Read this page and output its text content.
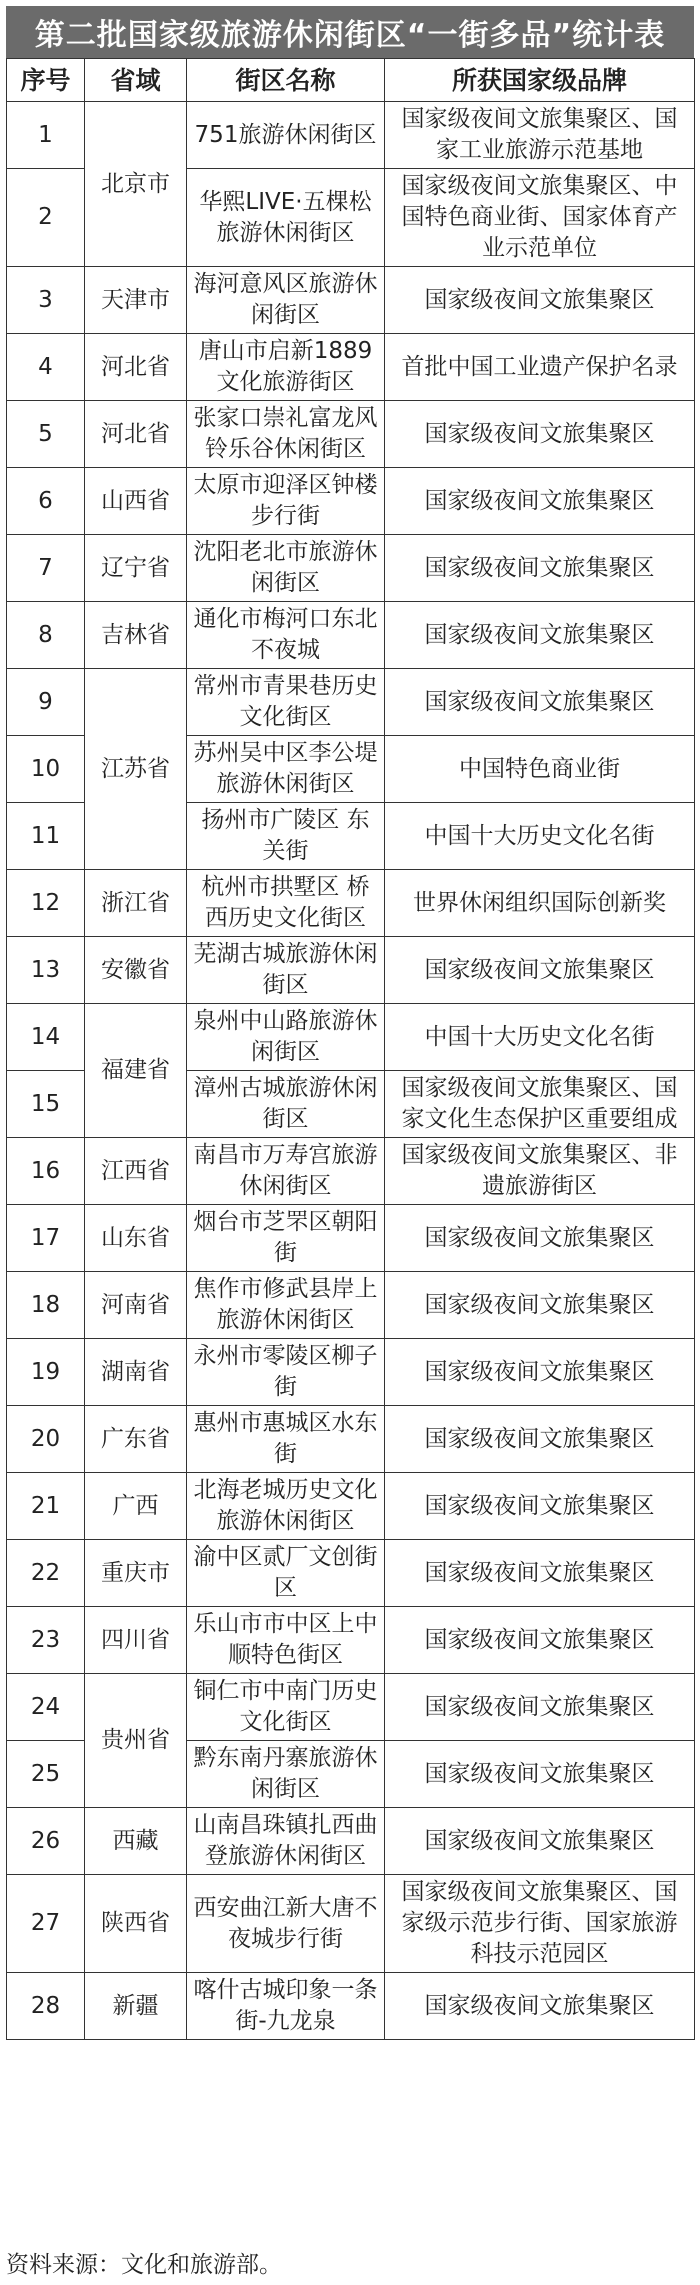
第二批国家级旅游休闲街区“一街多品”统计表
序号	省域	街区名称	所获国家级品牌
1	北京市	751旅游休闲街区	国家级夜间文旅集聚区、国家工业旅游示范基地
2		华熙LIVE·五棵松旅游休闲街区	国家级夜间文旅集聚区、中国特色商业街、国家体育产业示范单位
3	天津市	海河意风区旅游休闲街区	国家级夜间文旅集聚区
4	河北省	唐山市启新1889文化旅游街区	首批中国工业遗产保护名录
5	河北省	张家口崇礼富龙风铃乐谷休闲街区	国家级夜间文旅集聚区
6	山西省	太原市迎泽区钟楼步行街	国家级夜间文旅集聚区
7	辽宁省	沈阳老北市旅游休闲街区	国家级夜间文旅集聚区
8	吉林省	通化市梅河口东北不夜城	国家级夜间文旅集聚区
9	江苏省	常州市青果巷历史文化街区	国家级夜间文旅集聚区
10		苏州吴中区李公堤旅游休闲街区	中国特色商业街
11		扬州市广陵区 东关街	中国十大历史文化名街
12	浙江省	杭州市拱墅区 桥西历史文化街区	世界休闲组织国际创新奖
13	安徽省	芜湖古城旅游休闲街区	国家级夜间文旅集聚区
14	福建省	泉州中山路旅游休闲街区	中国十大历史文化名街
15		漳州古城旅游休闲街区	国家级夜间文旅集聚区、国家文化生态保护区重要组成
16	江西省	南昌市万寿宫旅游休闲街区	国家级夜间文旅集聚区、非遗旅游街区
17	山东省	烟台市芝罘区朝阳街	国家级夜间文旅集聚区
18	河南省	焦作市修武县岸上旅游休闲街区	国家级夜间文旅集聚区
19	湖南省	永州市零陵区柳子街	国家级夜间文旅集聚区
20	广东省	惠州市惠城区水东街	国家级夜间文旅集聚区
21	广西	北海老城历史文化旅游休闲街区	国家级夜间文旅集聚区
22	重庆市	渝中区贰厂文创街区	国家级夜间文旅集聚区
23	四川省	乐山市市中区上中顺特色街区	国家级夜间文旅集聚区
24	贵州省	铜仁市中南门历史文化街区	国家级夜间文旅集聚区
25		黔东南丹寨旅游休闲街区	国家级夜间文旅集聚区
26	西藏	山南昌珠镇扎西曲登旅游休闲街区	国家级夜间文旅集聚区
27	陕西省	西安曲江新大唐不夜城步行街	国家级夜间文旅集聚区、国家级示范步行街、国家旅游科技示范园区
28	新疆	喀什古城印象一条街-九龙泉	国家级夜间文旅集聚区
资料来源：文化和旅游部。
